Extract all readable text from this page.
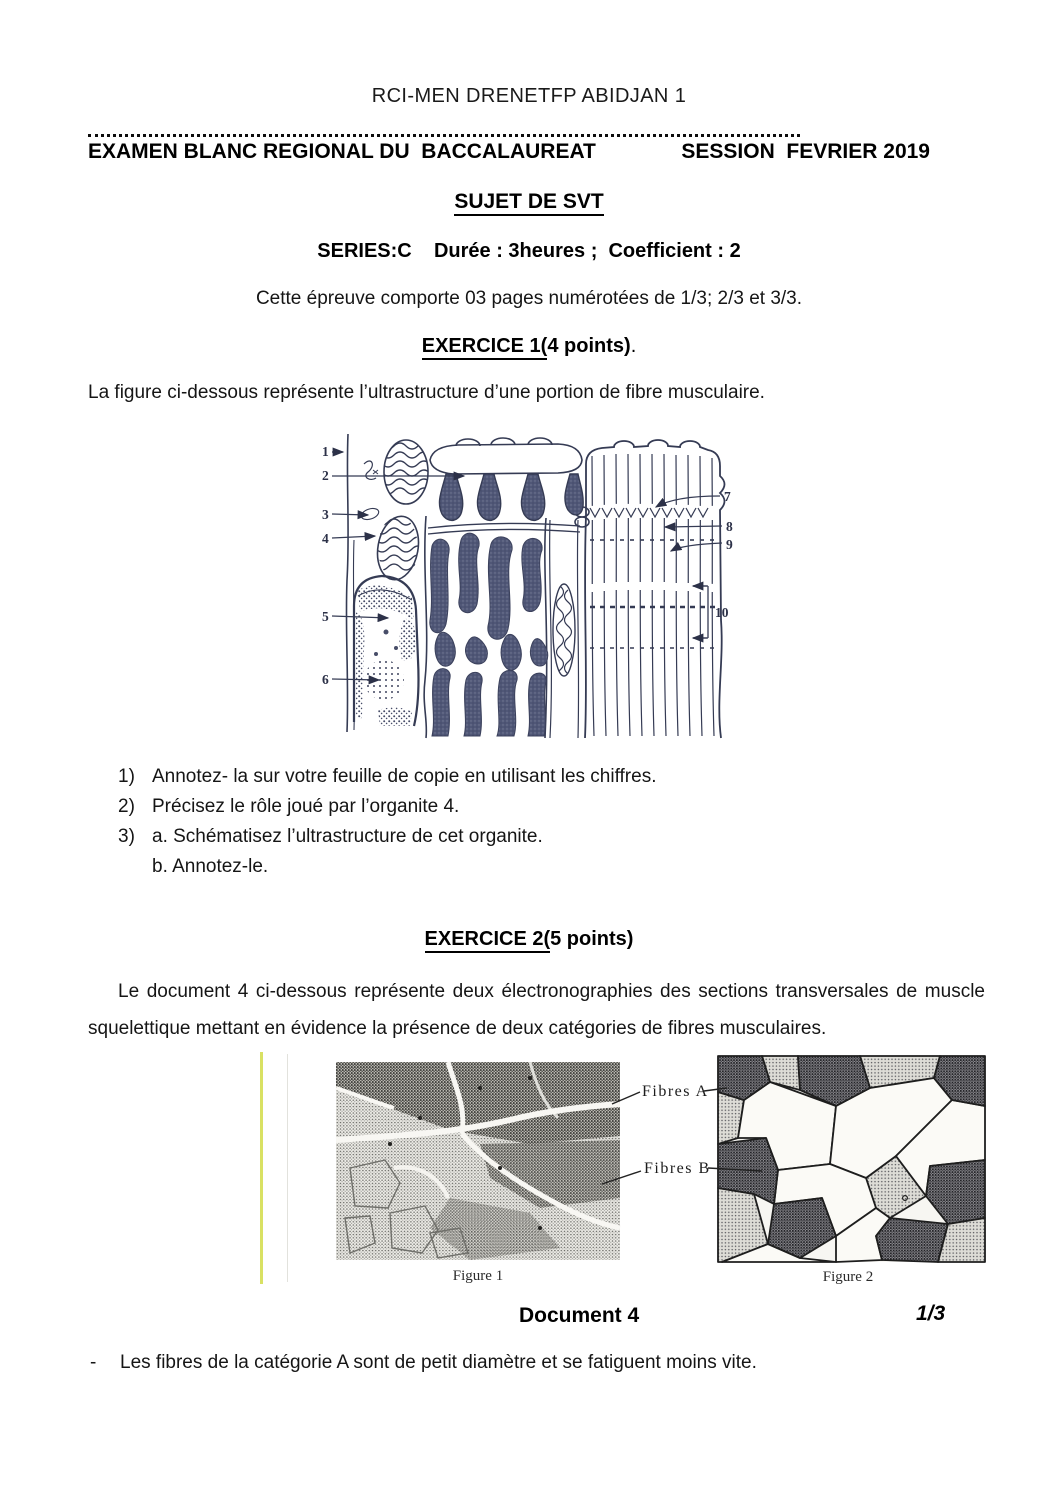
RCI-MEN DRENETFP ABIDJAN 1
EXAMEN BLANC REGIONAL DU  BACCALAUREAT	SESSION  FEVRIER 2019
SUJET DE SVT
SERIES:C    Durée : 3heures ;  Coefficient : 2
Cette épreuve comporte 03 pages numérotées de 1/3; 2/3 et 3/3.
EXERCICE 1(4 points).
La figure ci-dessous représente l’ultrastructure d’une portion de fibre musculaire.
1
2
3
4
5
6
7
8
9
10
1) Annotez- la sur votre feuille de copie en utilisant les chiffres.
2) Précisez le rôle joué par l’organite 4.
3) a. Schématisez l’ultrastructure de cet organite.
b. Annotez-le.
EXERCICE 2(5 points)
Le document 4 ci-dessous représente deux électronographies des sections transversales de muscle squelettique mettant en évidence la présence de deux catégories de fibres musculaires.
Figure 1	Figure 2
Fibres A
Fibres B
Document 4	1/3
- Les fibres de la catégorie A sont de petit diamètre et se fatiguent moins vite.
